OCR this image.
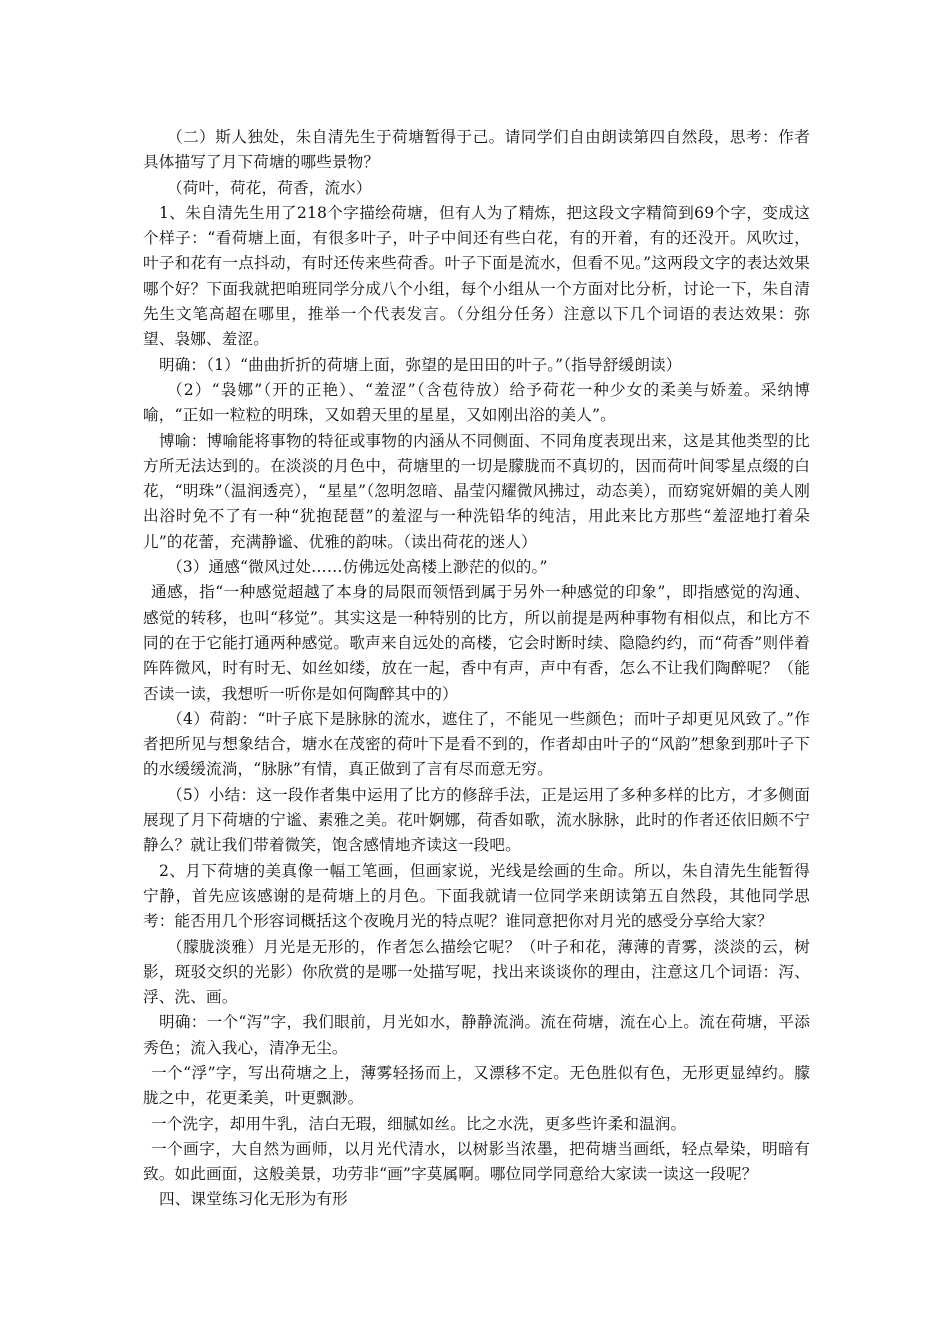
（二）斯人独处，朱自清先生于荷塘暂得于己。请同学们自由朗读第四自然段，思考：作者具体描写了月下荷塘的哪些景物？

（荷叶，荷花，荷香，流水）

1、朱自清先生用了218个字描绘荷塘，但有人为了精炼，把这段文字精简到69个字，变成这个样子：“看荷塘上面，有很多叶子，叶子中间还有些白花，有的开着，有的还没开。风吹过，叶子和花有一点抖动，有时还传来些荷香。叶子下面是流水，但看不见。”这两段文字的表达效果哪个好？下面我就把咱班同学分成八个小组，每个小组从一个方面对比分析，讨论一下，朱自清先生文笔高超在哪里，推举一个代表发言。（分组分任务）注意以下几个词语的表达效果：弥望、袅娜、羞涩。

明确：（1）“曲曲折折的荷塘上面，弥望的是田田的叶子。”（指导舒缓朗读）

（2）“袅娜”（开的正艳）、“羞涩”（含苞待放）给予荷花一种少女的柔美与娇羞。采纳博喻，“正如一粒粒的明珠，又如碧天里的星星，又如刚出浴的美人”。

博喻：博喻能将事物的特征或事物的内涵从不同侧面、不同角度表现出来，这是其他类型的比方所无法达到的。在淡淡的月色中，荷塘里的一切是朦胧而不真切的，因而荷叶间零星点缀的白花，“明珠”（温润透亮），“星星”（忽明忽暗、晶莹闪耀微风拂过，动态美），而窈窕妍媚的美人刚出浴时免不了有一种“犹抱琵琶”的羞涩与一种洗铅华的纯洁，用此来比方那些“羞涩地打着朵儿”的花蕾，充满静谧、优雅的韵味。（读出荷花的迷人）

（3）通感“微风过处……仿佛远处高楼上渺茫的似的。”

通感，指“一种感觉超越了本身的局限而领悟到属于另外一种感觉的印象”，即指感觉的沟通、感觉的转移，也叫“移觉”。其实这是一种特别的比方，所以前提是两种事物有相似点，和比方不同的在于它能打通两种感觉。歌声来自远处的高楼，它会时断时续、隐隐约约，而“荷香”则伴着阵阵微风，时有时无、如丝如缕，放在一起，香中有声，声中有香，怎么不让我们陶醉呢？（能否读一读，我想听一听你是如何陶醉其中的）

（4）荷韵：“叶子底下是脉脉的流水，遮住了，不能见一些颜色；而叶子却更见风致了。”作者把所见与想象结合，塘水在茂密的荷叶下是看不到的，作者却由叶子的“风韵”想象到那叶子下的水缓缓流淌，“脉脉”有情，真正做到了言有尽而意无穷。

（5）小结：这一段作者集中运用了比方的修辞手法，正是运用了多种多样的比方，才多侧面展现了月下荷塘的宁谧、素雅之美。花叶婀娜，荷香如歌，流水脉脉，此时的作者还依旧颇不宁静么？就让我们带着微笑，饱含感情地齐读这一段吧。

2、月下荷塘的美真像一幅工笔画，但画家说，光线是绘画的生命。所以，朱自清先生能暂得宁静，首先应该感谢的是荷塘上的月色。下面我就请一位同学来朗读第五自然段，其他同学思考：能否用几个形容词概括这个夜晚月光的特点呢？谁同意把你对月光的感受分享给大家？

（朦胧淡雅）月光是无形的，作者怎么描绘它呢？（叶子和花，薄薄的青雾，淡淡的云，树影，斑驳交织的光影）你欣赏的是哪一处描写呢，找出来谈谈你的理由，注意这几个词语：泻、浮、洗、画。

明确：一个“泻”字，我们眼前，月光如水，静静流淌。流在荷塘，流在心上。流在荷塘，平添秀色；流入我心，清净无尘。

一个“浮”字，写出荷塘之上，薄雾轻扬而上，又漂移不定。无色胜似有色，无形更显绰约。朦胧之中，花更柔美，叶更飘渺。

一个洗字，却用牛乳，洁白无瑕，细腻如丝。比之水洗，更多些许柔和温润。

一个画字，大自然为画师，以月光代清水，以树影当浓墨，把荷塘当画纸，轻点晕染，明暗有致。如此画面，这般美景，功劳非“画”字莫属啊。哪位同学同意给大家读一读这一段呢？

四、课堂练习化无形为有形
